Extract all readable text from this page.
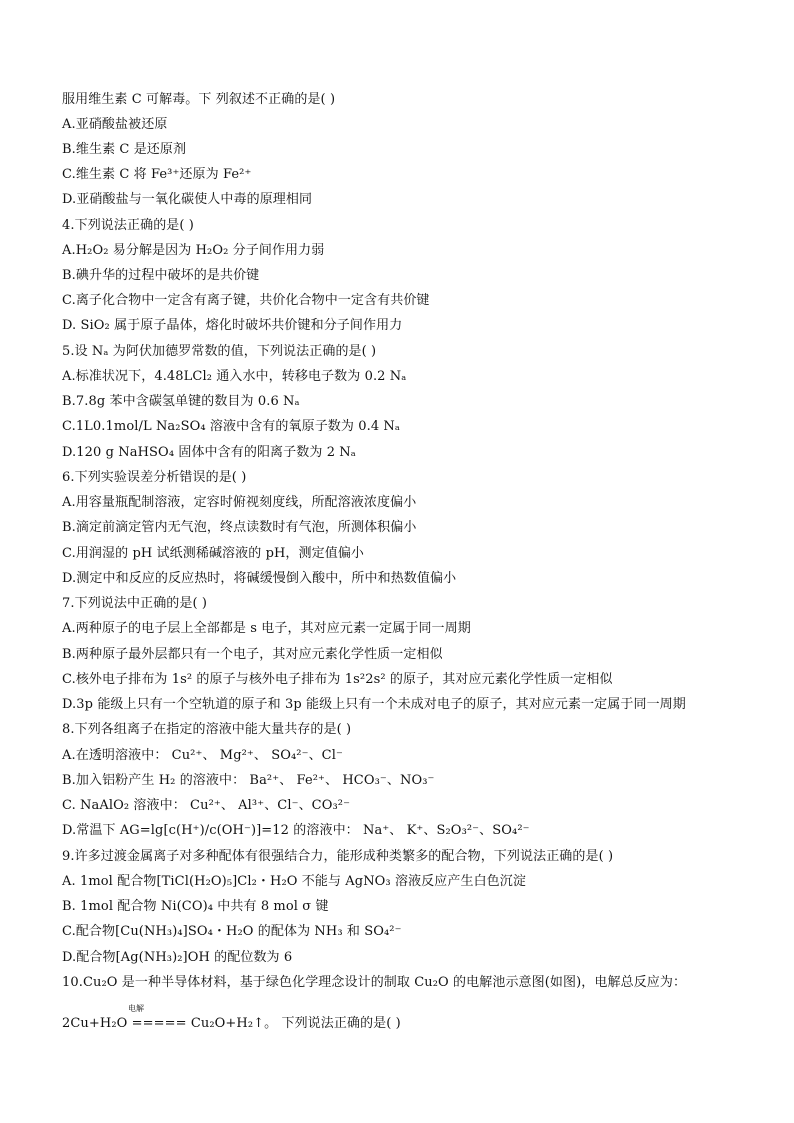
服用维生素 C 可解毒。下 列叙述不正确的是( )
A.亚硝酸盐被还原
B.维生素 C 是还原剂
C.维生素 C 将 Fe³⁺还原为 Fe²⁺
D.亚硝酸盐与一氧化碳使人中毒的原理相同
4.下列说法正确的是( )
A.H₂O₂ 易分解是因为 H₂O₂ 分子间作用力弱
B.碘升华的过程中破坏的是共价键
C.离子化合物中一定含有离子键，共价化合物中一定含有共价键
D. SiO₂ 属于原子晶体，熔化时破坏共价键和分子间作用力
5.设 Nₐ 为阿伏加德罗常数的值，下列说法正确的是( )
A.标准状况下，4.48LCl₂ 通入水中，转移电子数为 0.2 Nₐ
B.7.8g 苯中含碳氢单键的数目为 0.6 Nₐ
C.1L0.1mol/L Na₂SO₄ 溶液中含有的氧原子数为 0.4 Nₐ
D.120 g NaHSO₄ 固体中含有的阳离子数为 2 Nₐ
6.下列实验误差分析错误的是( )
A.用容量瓶配制溶液，定容时俯视刻度线，所配溶液浓度偏小
B.滴定前滴定管内无气泡，终点读数时有气泡，所测体积偏小
C.用润湿的 pH 试纸测稀碱溶液的 pH，测定值偏小
D.测定中和反应的反应热时，将碱缓慢倒入酸中，所中和热数值偏小
7.下列说法中正确的是( )
A.两种原子的电子层上全部都是 s 电子，其对应元素一定属于同一周期
B.两种原子最外层都只有一个电子，其对应元素化学性质一定相似
C.核外电子排布为 1s² 的原子与核外电子排布为 1s²2s² 的原子，其对应元素化学性质一定相似
D.3p 能级上只有一个空轨道的原子和 3p 能级上只有一个未成对电子的原子，其对应元素一定属于同一周期
8.下列各组离子在指定的溶液中能大量共存的是( )
A.在透明溶液中： Cu²⁺、 Mg²⁺、 SO₄²⁻、Cl⁻
B.加入铝粉产生 H₂ 的溶液中： Ba²⁺、 Fe²⁺、 HCO₃⁻、NO₃⁻
C. NaAlO₂ 溶液中： Cu²⁺、 Al³⁺、Cl⁻、CO₃²⁻
D.常温下 AG=lg[c(H⁺)/c(OH⁻)]=12 的溶液中： Na⁺、 K⁺、S₂O₃²⁻、SO₄²⁻
9.许多过渡金属离子对多种配体有很强结合力，能形成种类繁多的配合物，下列说法正确的是( )
A. 1mol 配合物[TiCl(H₂O)₅]Cl₂・H₂O 不能与 AgNO₃ 溶液反应产生白色沉淀
B. 1mol 配合物 Ni(CO)₄ 中共有 8 mol σ 键
C.配合物[Cu(NH₃)₄]SO₄・H₂O 的配体为 NH₃ 和 SO₄²⁻
D.配合物[Ag(NH₃)₂]OH 的配位数为 6
10.Cu₂O 是一种半导体材料，基于绿色化学理念设计的制取 Cu₂O 的电解池示意图(如图)，电解总反应为：
电解
2Cu+H₂O ===== Cu₂O+H₂↑。 下列说法正确的是( )
